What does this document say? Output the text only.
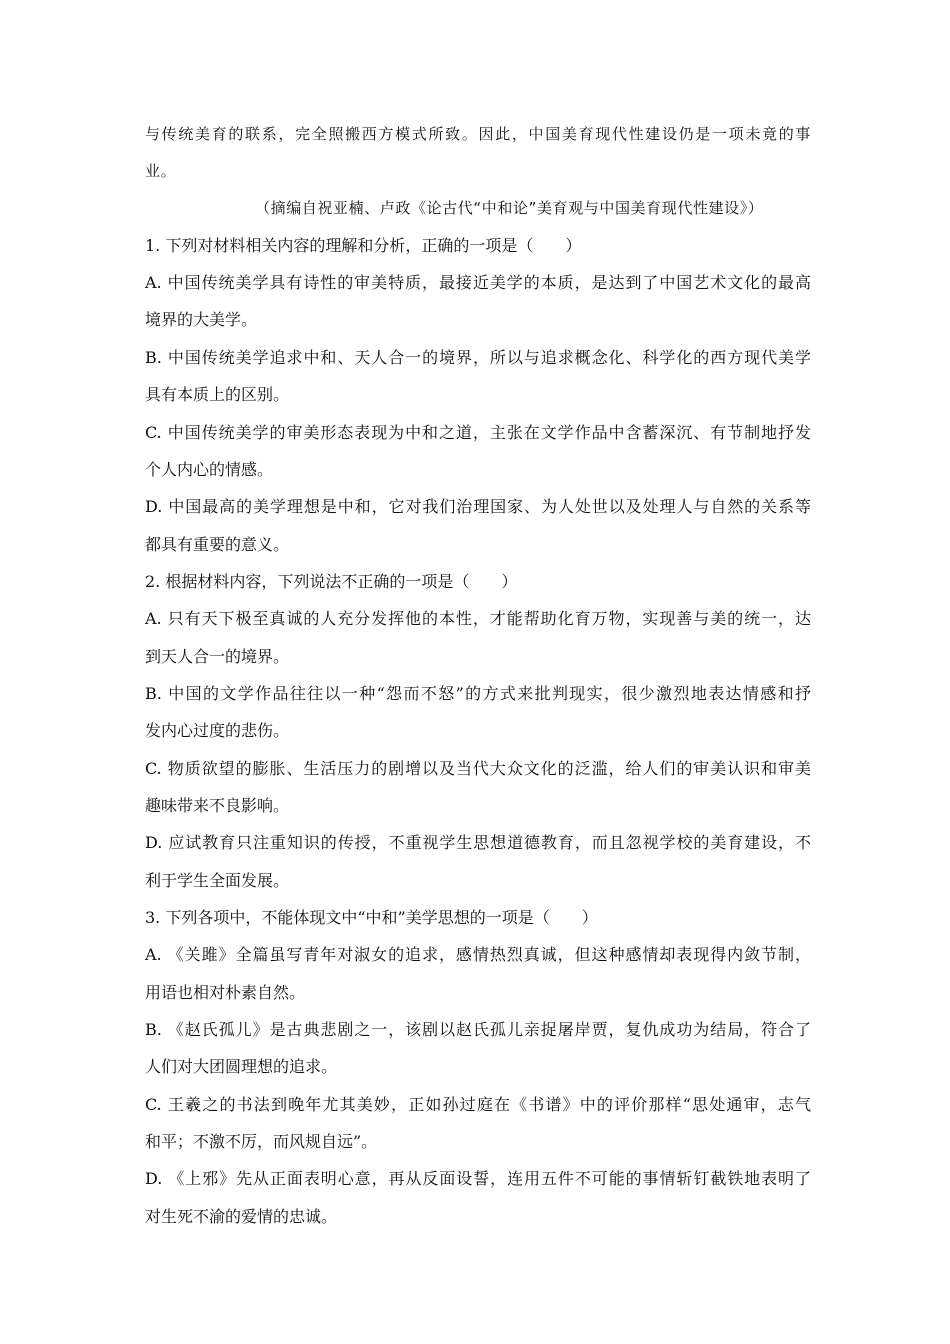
与传统美育的联系，完全照搬西方模式所致。因此，中国美育现代性建设仍是一项未竟的事
业。
（摘编自祝亚楠、卢政《论古代“中和论”美育观与中国美育现代性建设》）
1. 下列对材料相关内容的理解和分析，正确的一项是（　　）
A. 中国传统美学具有诗性的审美特质，最接近美学的本质，是达到了中国艺术文化的最高
境界的大美学。
B. 中国传统美学追求中和、天人合一的境界，所以与追求概念化、科学化的西方现代美学
具有本质上的区别。
C. 中国传统美学的审美形态表现为中和之道，主张在文学作品中含蓄深沉、有节制地抒发
个人内心的情感。
D. 中国最高的美学理想是中和，它对我们治理国家、为人处世以及处理人与自然的关系等
都具有重要的意义。
2. 根据材料内容，下列说法不正确的一项是（　　）
A. 只有天下极至真诚的人充分发挥他的本性，才能帮助化育万物，实现善与美的统一，达
到天人合一的境界。
B. 中国的文学作品往往以一种“怨而不怒”的方式来批判现实，很少激烈地表达情感和抒
发内心过度的悲伤。
C. 物质欲望的膨胀、生活压力的剧增以及当代大众文化的泛滥，给人们的审美认识和审美
趣味带来不良影响。
D. 应试教育只注重知识的传授，不重视学生思想道德教育，而且忽视学校的美育建设，不
利于学生全面发展。
3. 下列各项中，不能体现文中“中和”美学思想的一项是（　　）
A. 《关雎》全篇虽写青年对淑女的追求，感情热烈真诚，但这种感情却表现得内敛节制，
用语也相对朴素自然。
B. 《赵氏孤儿》是古典悲剧之一，该剧以赵氏孤儿亲捉屠岸贾，复仇成功为结局，符合了
人们对大团圆理想的追求。
C. 王羲之的书法到晚年尤其美妙，正如孙过庭在《书谱》中的评价那样“思处通审，志气
和平；不激不厉，而风规自远”。
D. 《上邪》先从正面表明心意，再从反面设誓，连用五件不可能的事情斩钉截铁地表明了
对生死不渝的爱情的忠诚。
